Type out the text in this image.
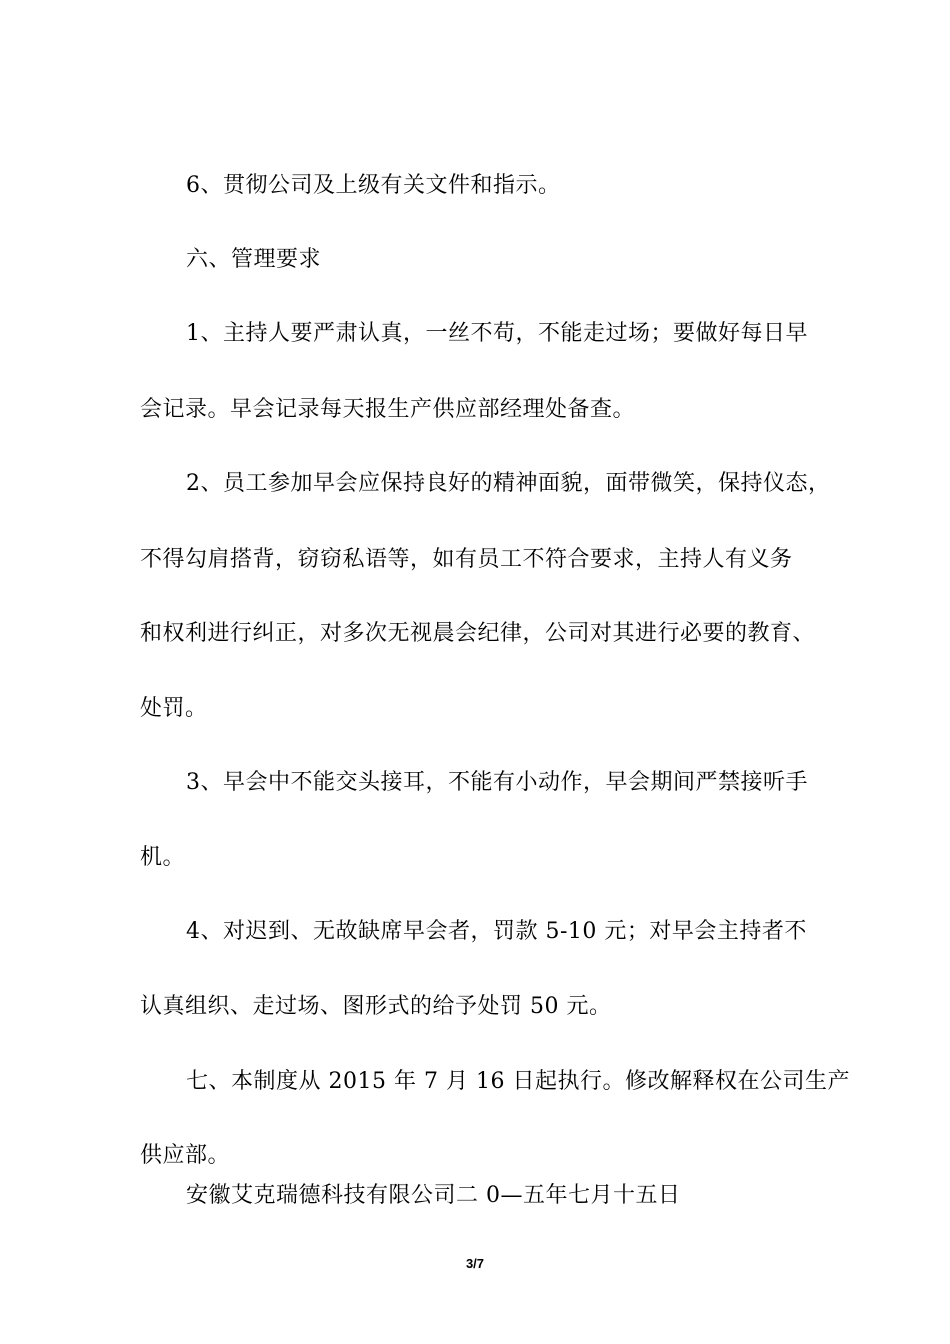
6、贯彻公司及上级有关文件和指示。
六、管理要求
1、主持人要严肃认真，一丝不苟，不能走过场；要做好每日早
会记录。早会记录每天报生产供应部经理处备查。
2、员工参加早会应保持良好的精神面貌，面带微笑，保持仪态，
不得勾肩搭背，窃窃私语等，如有员工不符合要求，主持人有义务
和权利进行纠正，对多次无视晨会纪律，公司对其进行必要的教育、
处罚。
3、早会中不能交头接耳，不能有小动作，早会期间严禁接听手
机。
4、对迟到、无故缺席早会者，罚款 5-10 元；对早会主持者不
认真组织、走过场、图形式的给予处罚 50 元。
七、本制度从 2015 年 7 月 16 日起执行。修改解释权在公司生产
供应部。
安徽艾克瑞德科技有限公司二 0—五年七月十五日
3/7
